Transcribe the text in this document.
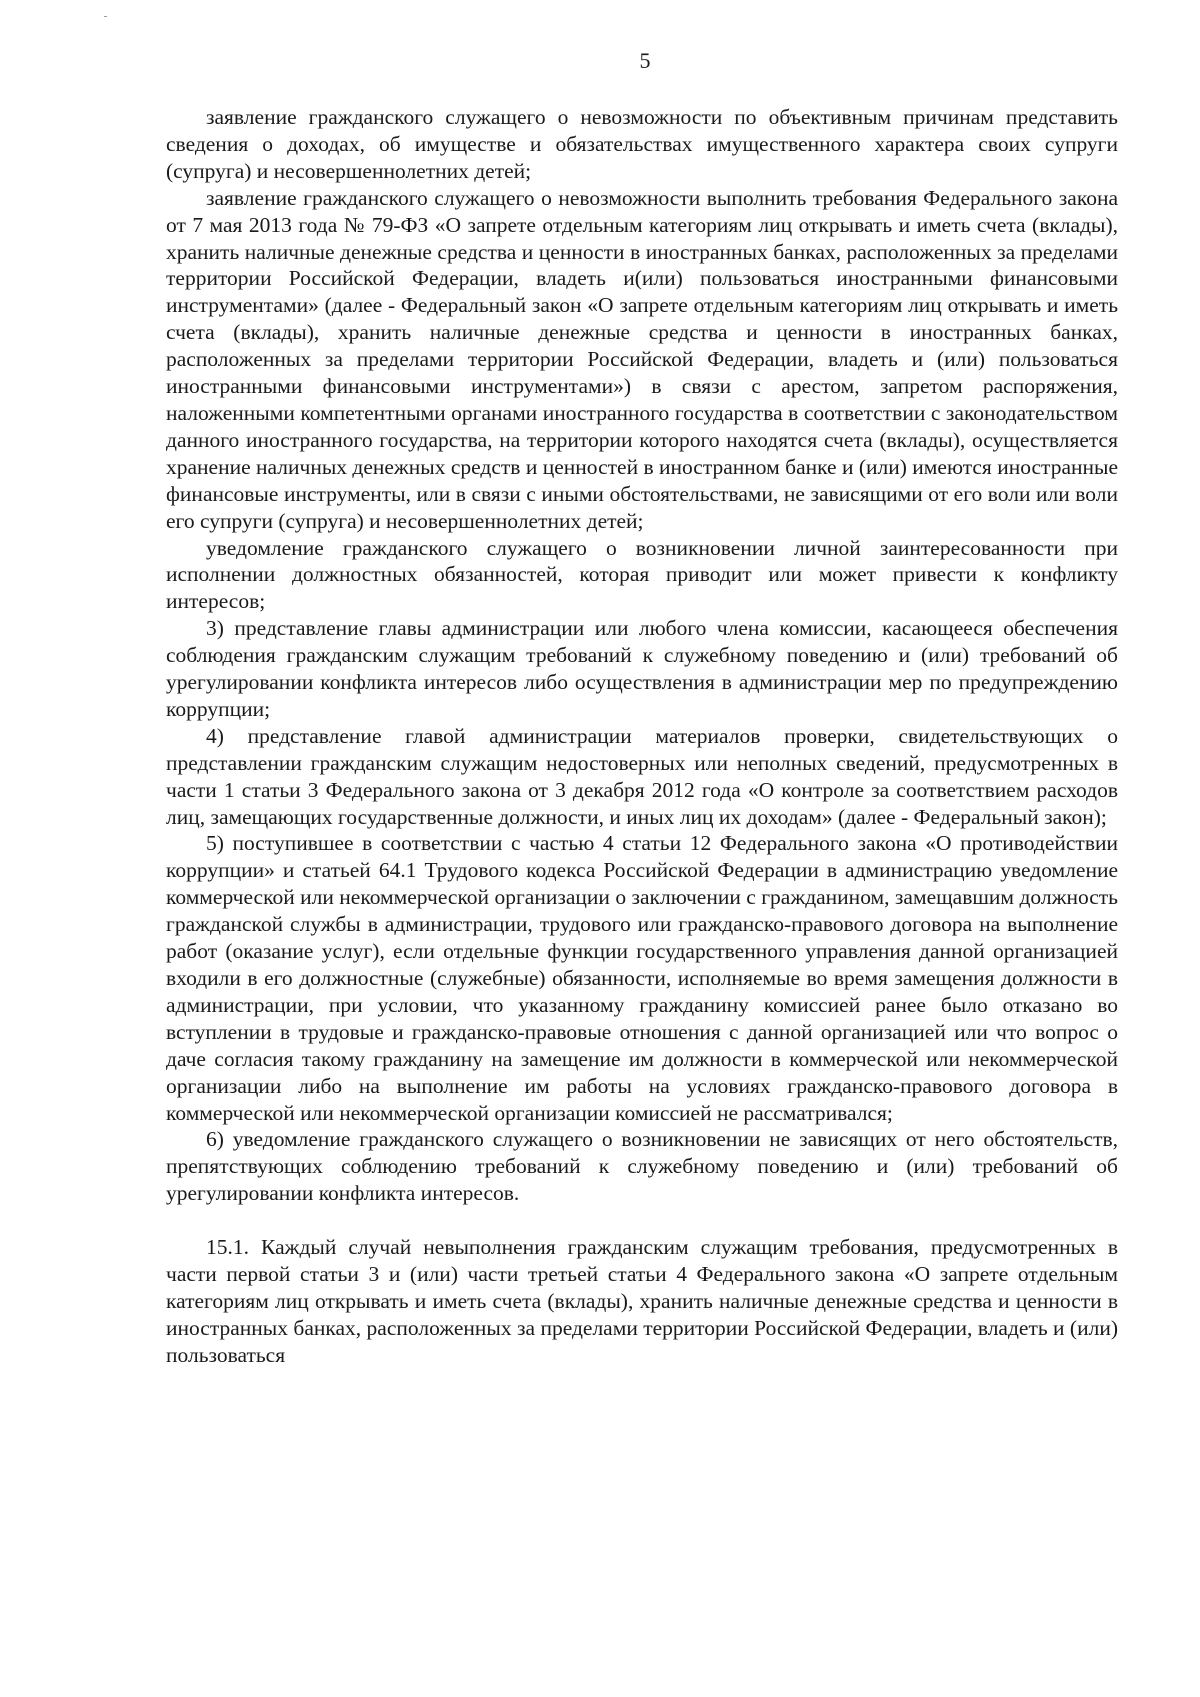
5

заявление гражданского служащего о невозможности по объективным причинам представить сведения о доходах, об имуществе и обязательствах имущественного характера своих супруги (супруга) и несовершеннолетних детей;

заявление гражданского служащего о невозможности выполнить требования Федерального закона от 7 мая 2013 года № 79-ФЗ «О запрете отдельным категориям лиц открывать и иметь счета (вклады), хранить наличные денежные средства и ценности в иностранных банках, расположенных за пределами территории Российской Федерации, владеть и(или) пользоваться иностранными финансовыми инструментами» (далее - Федеральный закон «О запрете отдельным категориям лиц открывать и иметь счета (вклады), хранить наличные денежные средства и ценности в иностранных банках, расположенных за пределами территории Российской Федерации, владеть и (или) пользоваться иностранными финансовыми инструментами») в связи с арестом, запретом распоряжения, наложенными компетентными органами иностранного государства в соответствии с законодательством данного иностранного государства, на территории которого находятся счета (вклады), осуществляется хранение наличных денежных средств и ценностей в иностранном банке и (или) имеются иностранные финансовые инструменты, или в связи с иными обстоятельствами, не зависящими от его воли или воли его супруги (супруга) и несовершеннолетних детей;

уведомление гражданского служащего о возникновении личной заинтересованности при исполнении должностных обязанностей, которая приводит или может привести к конфликту интересов;

3) представление главы администрации или любого члена комиссии, касающееся обеспечения соблюдения гражданским служащим требований к служебному поведению и (или) требований об урегулировании конфликта интересов либо осуществления в администрации мер по предупреждению коррупции;

4) представление главой администрации материалов проверки, свидетельствующих о представлении гражданским служащим недостоверных или неполных сведений, предусмотренных в части 1 статьи 3 Федерального закона от 3 декабря 2012 года «О контроле за соответствием расходов лиц, замещающих государственные должности, и иных лиц их доходам» (далее - Федеральный закон);

5) поступившее в соответствии с частью 4 статьи 12 Федерального закона «О противодействии коррупции» и статьей 64.1 Трудового кодекса Российской Федерации в администрацию уведомление коммерческой или некоммерческой организации о заключении с гражданином, замещавшим должность гражданской службы в администрации, трудового или гражданско-правового договора на выполнение работ (оказание услуг), если отдельные функции государственного управления данной организацией входили в его должностные (служебные) обязанности, исполняемые во время замещения должности в администрации, при условии, что указанному гражданину комиссией ранее было отказано во вступлении в трудовые и гражданско-правовые отношения с данной организацией или что вопрос о даче согласия такому гражданину на замещение им должности в коммерческой или некоммерческой организации либо на выполнение им работы на условиях гражданско-правового договора в коммерческой или некоммерческой организации комиссией не рассматривался;

6) уведомление гражданского служащего о возникновении не зависящих от него обстоятельств, препятствующих соблюдению требований к служебному поведению и (или) требований об урегулировании конфликта интересов.

15.1. Каждый случай невыполнения гражданским служащим требования, предусмотренных в части первой статьи 3 и (или) части третьей статьи 4 Федерального закона «О запрете отдельным категориям лиц открывать и иметь счета (вклады), хранить наличные денежные средства и ценности в иностранных банках, расположенных за пределами территории Российской Федерации, владеть и (или) пользоваться
